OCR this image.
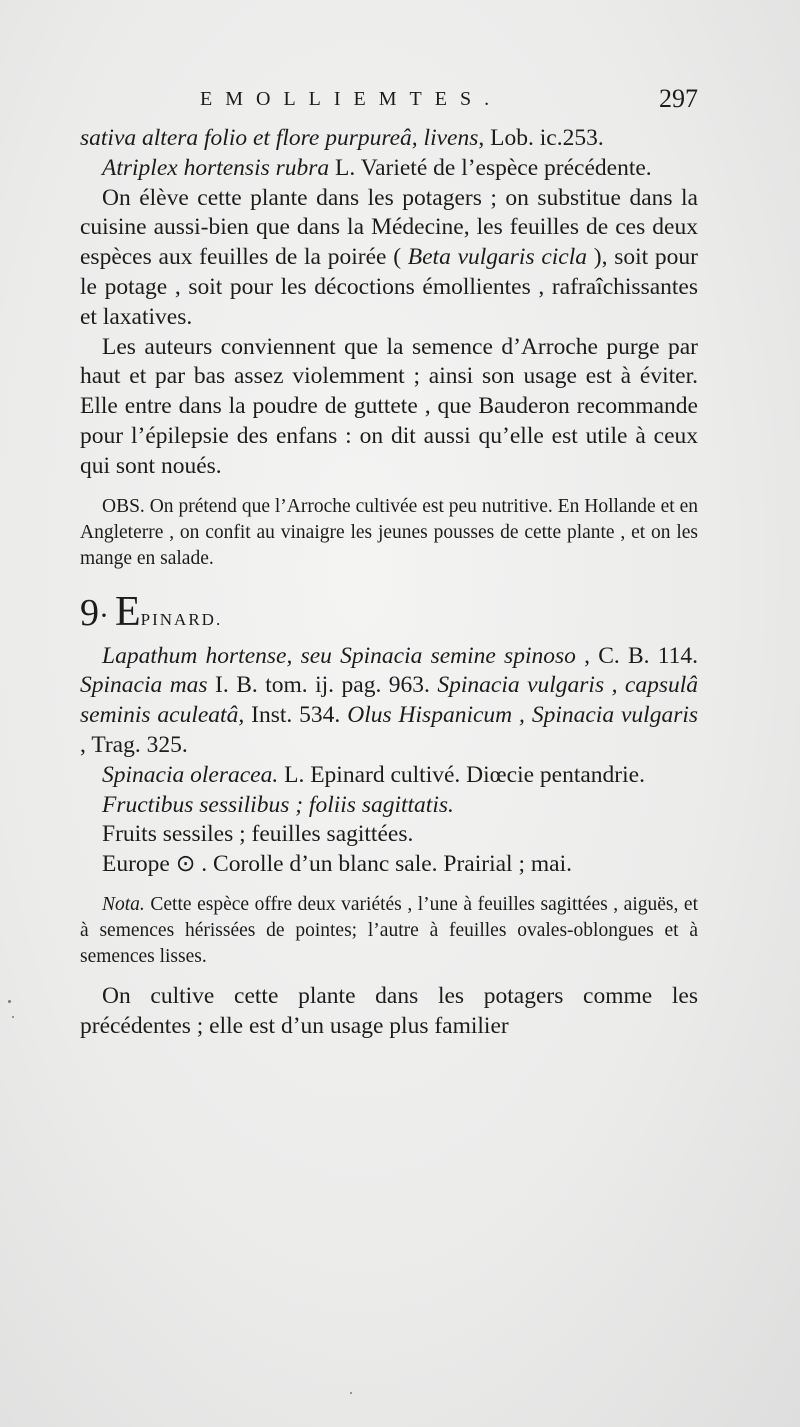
EMOLLIEMTES.	297

sativa altera folio et flore purpureâ, livens, Lob. ic.253.

Atriplex hortensis rubra L. Varieté de l’espèce précédente.

On élève cette plante dans les potagers ; on substitue dans la cuisine aussi-bien que dans la Médecine, les feuilles de ces deux espèces aux feuilles de la poirée ( Beta vulgaris cicla ), soit pour le potage , soit pour les décoctions émollientes , rafraîchissantes et laxatives.

Les auteurs conviennent que la semence d’Arroche purge par haut et par bas assez violemment ; ainsi son usage est à éviter. Elle entre dans la poudre de guttete , que Bauderon recommande pour l’épilepsie des enfans : on dit aussi qu’elle est utile à ceux qui sont noués.

OBS. On prétend que l’Arroche cultivée est peu nutritive. En Hollande et en Angleterre , on confit au vinaigre les jeunes pousses de cette plante , et on les mange en salade.

9 · E PINARD.

Lapathum hortense, seu Spinacia semine spinoso , C. B. 114. Spinacia mas I. B. tom. ij. pag. 963. Spinacia vulgaris , capsulâ seminis aculeatâ, Inst. 534. Olus Hispanicum , Spinacia vulgaris , Trag. 325.

Spinacia oleracea. L. Epinard cultivé. Diœcie pentandrie.

Fructibus sessilibus ; foliis sagittatis.

Fruits sessiles ; feuilles sagittées.

Europe ⊙ . Corolle d’un blanc sale. Prairial ; mai.

Nota. Cette espèce offre deux variétés , l’une à feuilles sagittées , aiguës, et à semences hérissées de pointes; l’autre à feuilles ovales-oblongues et à semences lisses.

On cultive cette plante dans les potagers comme les précédentes ; elle est d’un usage plus familier
